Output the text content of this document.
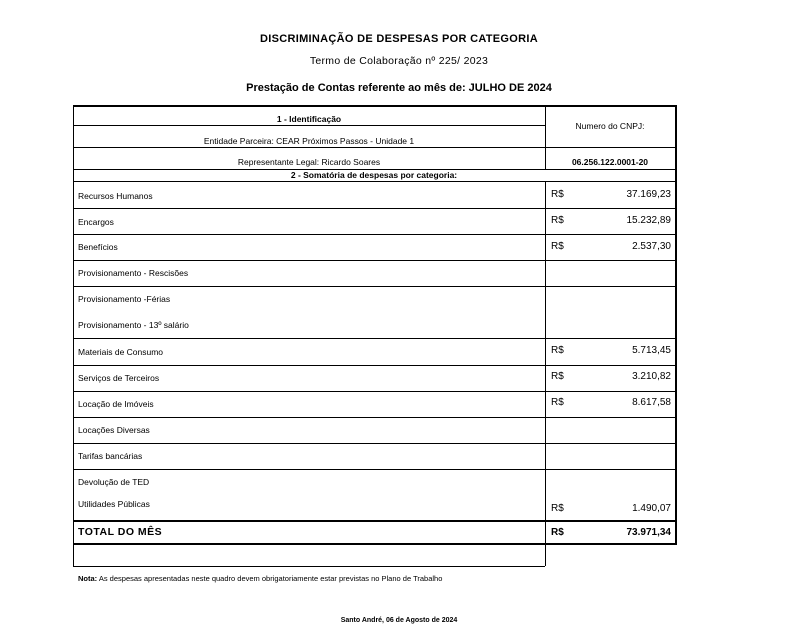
DISCRIMINAÇÃO DE DESPESAS POR CATEGORIA
Termo de Colaboração nº 225/ 2023
Prestação de Contas referente ao mês de: JULHO DE 2024
1 - Identificação
Entidade Parceira: CEAR Próximos Passos - Unidade 1
Representante Legal: Ricardo Soares
Numero do CNPJ:
06.256.122.0001-20
2 - Somatória de despesas por categoria:
Recursos Humanos	R$	37.169,23
Encargos	R$	15.232,89
Benefícios	R$	2.537,30
Provisionamento - Rescisões
Provisionamento -Férias
Provisionamento - 13º salário
Materiais de Consumo	R$	5.713,45
Serviços de Terceiros	R$	3.210,82
Locação de Imóveis	R$	8.617,58
Locações Diversas
Tarifas bancárias
Devolução de TED
Utilidades Públicas	R$	1.490,07
TOTAL DO MÊS	R$	73.971,34
Nota: As despesas apresentadas neste quadro devem obrigatoriamente estar previstas no Plano de Trabalho
Santo André, 06 de Agosto de 2024
